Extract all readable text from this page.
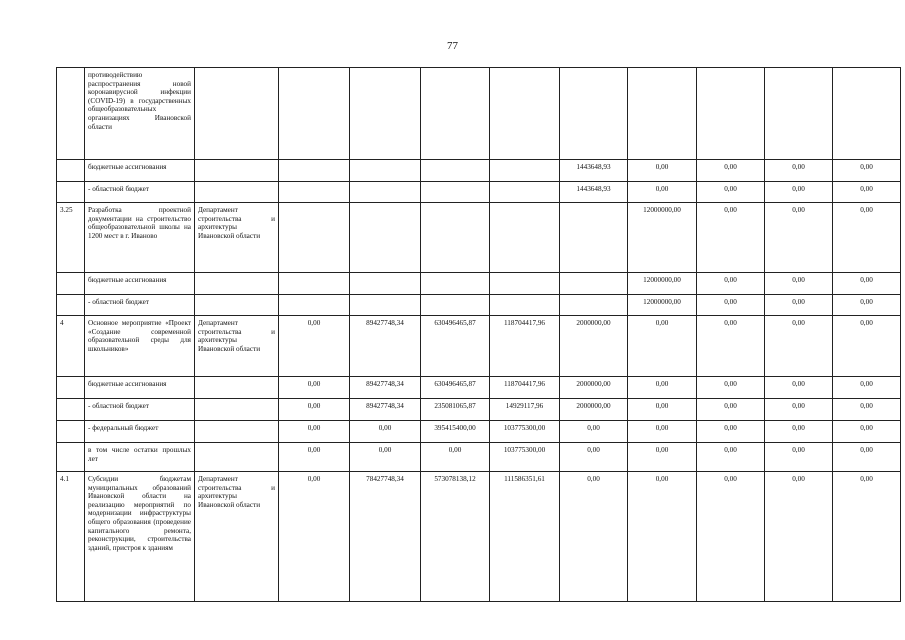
77
	противодействию распространения новой коронавирусной инфекции (COVID-19) в государственных общеобразовательных организациях Ивановской области										
	бюджетные ассигнования						1443648,93	0,00	0,00	0,00	0,00
	- областной бюджет						1443648,93	0,00	0,00	0,00	0,00
3.25	Разработка проектной документации на строительство общеобразовательной школы на 1200 мест в г. Иваново	Департамент строительства и архитектуры Ивановской области						12000000,00	0,00	0,00	0,00
	бюджетные ассигнования							12000000,00	0,00	0,00	0,00
	- областной бюджет							12000000,00	0,00	0,00	0,00
4	Основное мероприятие «Проект «Создание современной образовательной среды для школьников»	Департамент строительства и архитектуры Ивановской области	0,00	89427748,34	630496465,87	118704417,96	2000000,00	0,00	0,00	0,00	0,00
	бюджетные ассигнования		0,00	89427748,34	630496465,87	118704417,96	2000000,00	0,00	0,00	0,00	0,00
	- областной бюджет		0,00	89427748,34	235081065,87	14929117,96	2000000,00	0,00	0,00	0,00	0,00
	- федеральный бюджет		0,00	0,00	395415400,00	103775300,00	0,00	0,00	0,00	0,00	0,00
	в том числе остатки прошлых лет		0,00	0,00	0,00	103775300,00	0,00	0,00	0,00	0,00	0,00
4.1	Субсидии бюджетам муниципальных образований Ивановской области на реализацию мероприятий по модернизации инфраструктуры общего образования (проведение капитального ремонта, реконструкции, строительства зданий, пристроя к зданиям	Департамент строительства и архитектуры Ивановской области	0,00	78427748,34	573078138,12	111586351,61	0,00	0,00	0,00	0,00	0,00
